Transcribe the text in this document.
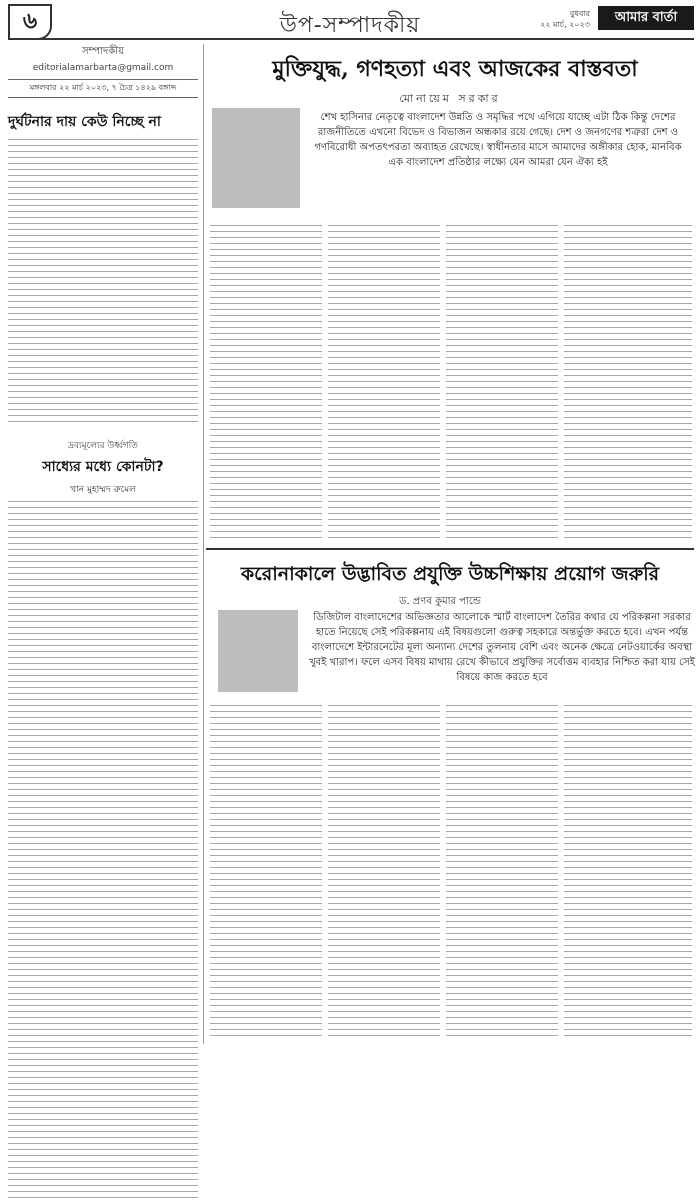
৬	উপ-সম্পাদকীয়	বুধবার
২২ মার্চ, ২০২৩	আমার বার্তা
সম্পাদকীয়
editorialamarbarta@gmail.com
মঙ্গলবার ২২ মার্চ ২০২৩, ৭ চৈত্র ১৪২৯ বঙ্গাব্দ
দুর্ঘটনার দায় কেউ নিচ্ছে না
দ্রব্যমূল্যের উর্ধ্বগতি
সাধ্যের মধ্যে কোনটা?
খান মুহাম্মদ রুমেল
মুক্তিযুদ্ধ, গণহত্যা এবং আজকের বাস্তবতা
মোনায়েম সরকার
শেখ হাসিনার নেতৃত্বে বাংলাদেশ উন্নতি ও সমৃদ্ধির পথে এগিয়ে যাচ্ছে এটা ঠিক কিন্তু দেশের রাজনীতিতে এখনো বিভেদ ও বিভাজন অন্ধকার রয়ে গেছে। দেশ ও জনগণের শত্রুরা দেশ ও গণবিরোধী অপতৎপরতা অব্যাহত রেখেছে। স্বাধীনতার মাসে আমাদের অঙ্গীকার হোক, মানবিক এক বাংলাদেশ প্রতিষ্ঠার লক্ষ্যে যেন আমরা যেন ঐক্য হই
করোনাকালে উদ্ভাবিত প্রযুক্তি উচ্চশিক্ষায় প্রয়োগ জরুরি
ড. প্রণব কুমার পান্ডে
ডিজিটাল বাংলাদেশের অভিজ্ঞতার আলোকে স্মার্ট বাংলাদেশ তৈরির কথার যে পরিকল্পনা সরকার হাতে নিয়েছে সেই পরিকল্পনায় এই বিষয়গুলো গুরুত্ব সহকারে অন্তর্ভুক্ত করতে হবে। এখন পর্যন্ত বাংলাদেশে ইন্টারনেটের মূল্য অন্যান্য দেশের তুলনায় বেশি এবং অনেক ক্ষেত্রে নেটওয়ার্কের অবস্থা খুবই খারাপ। ফলে এসব বিষয় মাথায় রেখে কীভাবে প্রযুক্তির সর্বোত্তম ব্যবহার নিশ্চিত করা যায় সেই বিষয়ে কাজ করতে হবে
